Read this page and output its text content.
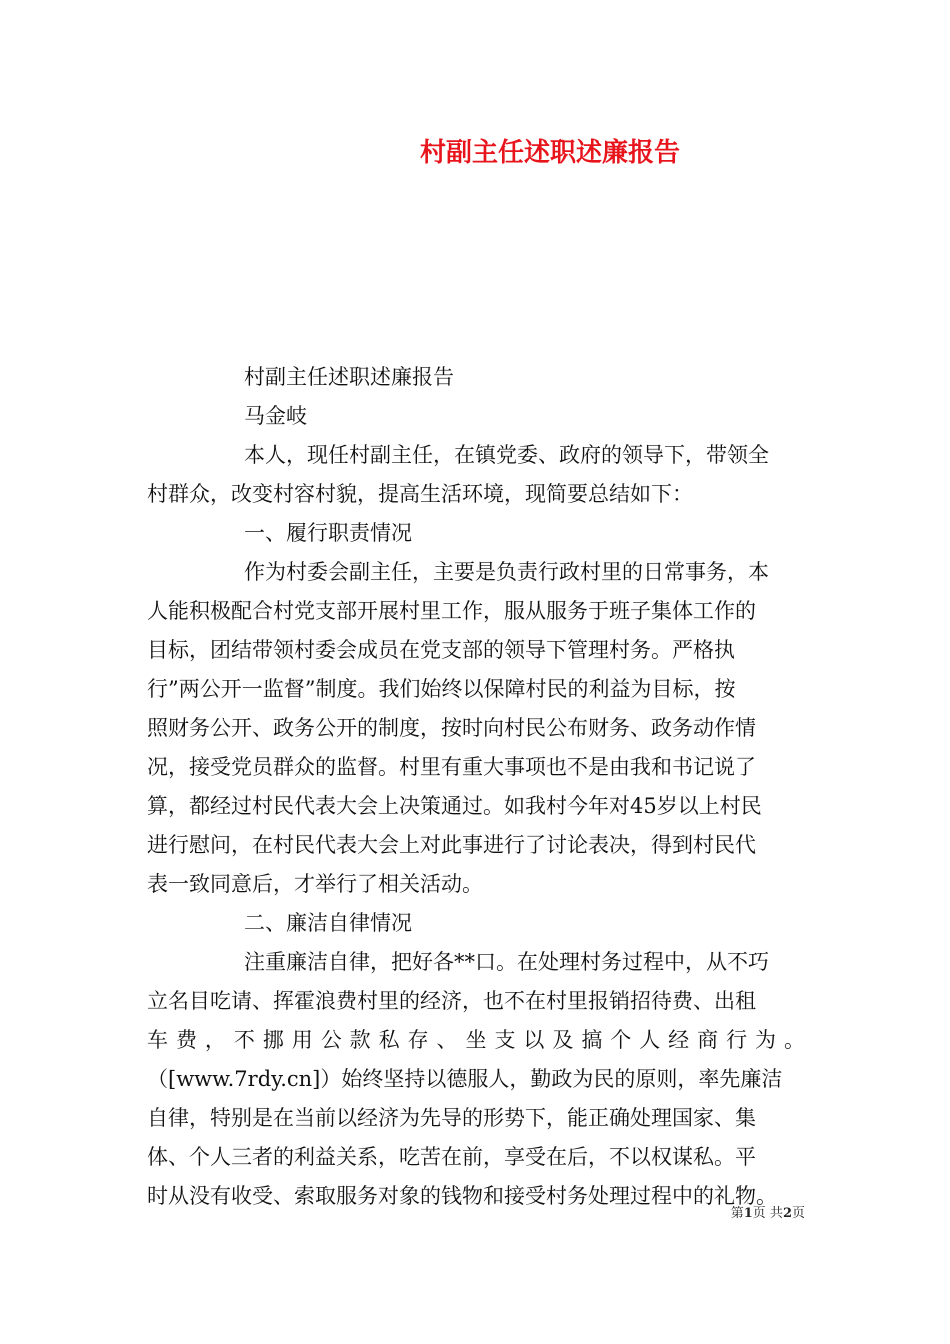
村副主任述职述廉报告

村副主任述职述廉报告

马金岐

本人，现任村副主任，在镇党委、政府的领导下，带领全

村群众，改变村容村貌，提高生活环境，现简要总结如下：

一、履行职责情况

作为村委会副主任，主要是负责行政村里的日常事务，本

人能积极配合村党支部开展村里工作，服从服务于班子集体工作的

目标，团结带领村委会成员在党支部的领导下管理村务。严格执

行”两公开一监督”制度。我们始终以保障村民的利益为目标，按

照财务公开、政务公开的制度，按时向村民公布财务、政务动作情

况，接受党员群众的监督。村里有重大事项也不是由我和书记说了

算，都经过村民代表大会上决策通过。如我村今年对45岁以上村民

进行慰问，在村民代表大会上对此事进行了讨论表决，得到村民代

表一致同意后，才举行了相关活动。

二、廉洁自律情况

注重廉洁自律，把好各**口。在处理村务过程中，从不巧

立名目吃请、挥霍浪费村里的经济，也不在村里报销招待费、出租

车费，不挪用公款私存、坐支以及搞个人经商行为。

（[www.7rdy.cn]）始终坚持以德服人，勤政为民的原则，率先廉洁

自律，特别是在当前以经济为先导的形势下，能正确处理国家、集

体、个人三者的利益关系，吃苦在前，享受在后，不以权谋私。平

时从没有收受、索取服务对象的钱物和接受村务处理过程中的礼物。

第1页 共2页
